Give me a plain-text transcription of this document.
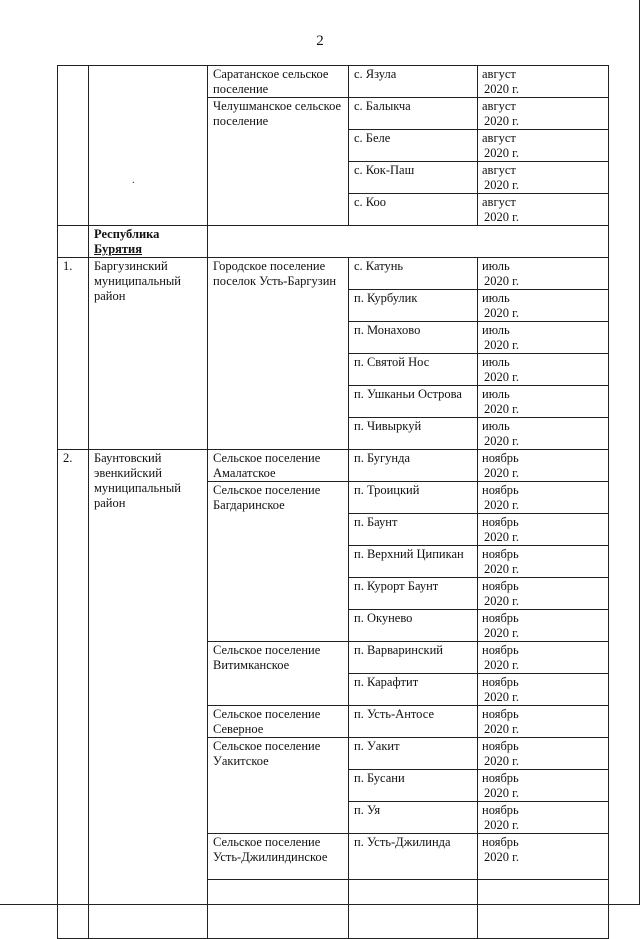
2
.
		Саратанское сельское поселение	с. Язула	август
2020 г.

		Челушманское сельское поселение	с. Балыкча	август
2020 г.

			с. Беле	август
2020 г.

			с. Кок-Паш	август
2020 г.

			с. Коо	август
2020 г.

	Республика
Бурятия			

1.	Баргузинский муниципальный район	Городское поселение поселок Усть-Баргузин	с. Катунь	июль
2020 г.

			п. Курбулик	июль
2020 г.

			п. Монахово	июль
2020 г.

			п. Святой Нос	июль
2020 г.

			п. Ушканьи Острова	июль
2020 г.

			п. Чивыркуй	июль
2020 г.

2.	Баунтовский эвенкийский муниципальный район	Сельское поселение Амалатское	п. Бугунда	ноябрь
2020 г.

		Сельское поселение Багдаринское	п. Троицкий	ноябрь
2020 г.

			п. Баунт	ноябрь
2020 г.

			п. Верхний Ципикан	ноябрь
2020 г.

			п. Курорт Баунт	ноябрь
2020 г.

			п. Окунево	ноябрь
2020 г.

		Сельское поселение Витимканское	п. Варваринский	ноябрь
2020 г.

			п. Карафтит	ноябрь
2020 г.

		Сельское поселение Северное	п. Усть-Антосе	ноябрь
2020 г.

		Сельское поселение Уакитское	п. Уакит	ноябрь
2020 г.

			п. Бусани	ноябрь
2020 г.

			п. Уя	ноябрь
2020 г.

		Сельское поселение Усть-Джилиндинское	п. Усть-Джилинда	ноябрь
2020 г.
